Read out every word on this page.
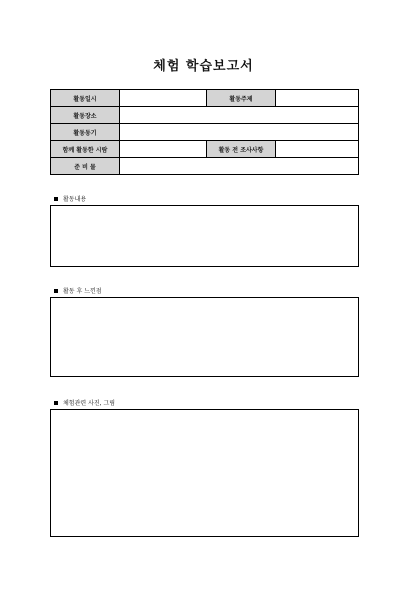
체험 학습보고서
활동일시		활동주제	
활동장소			
활동동기			
함께 활동한 시람		활동 전 조사사항	
준 비 물			
활동내용
활동 후 느낀점
체험관련 사진, 그림
